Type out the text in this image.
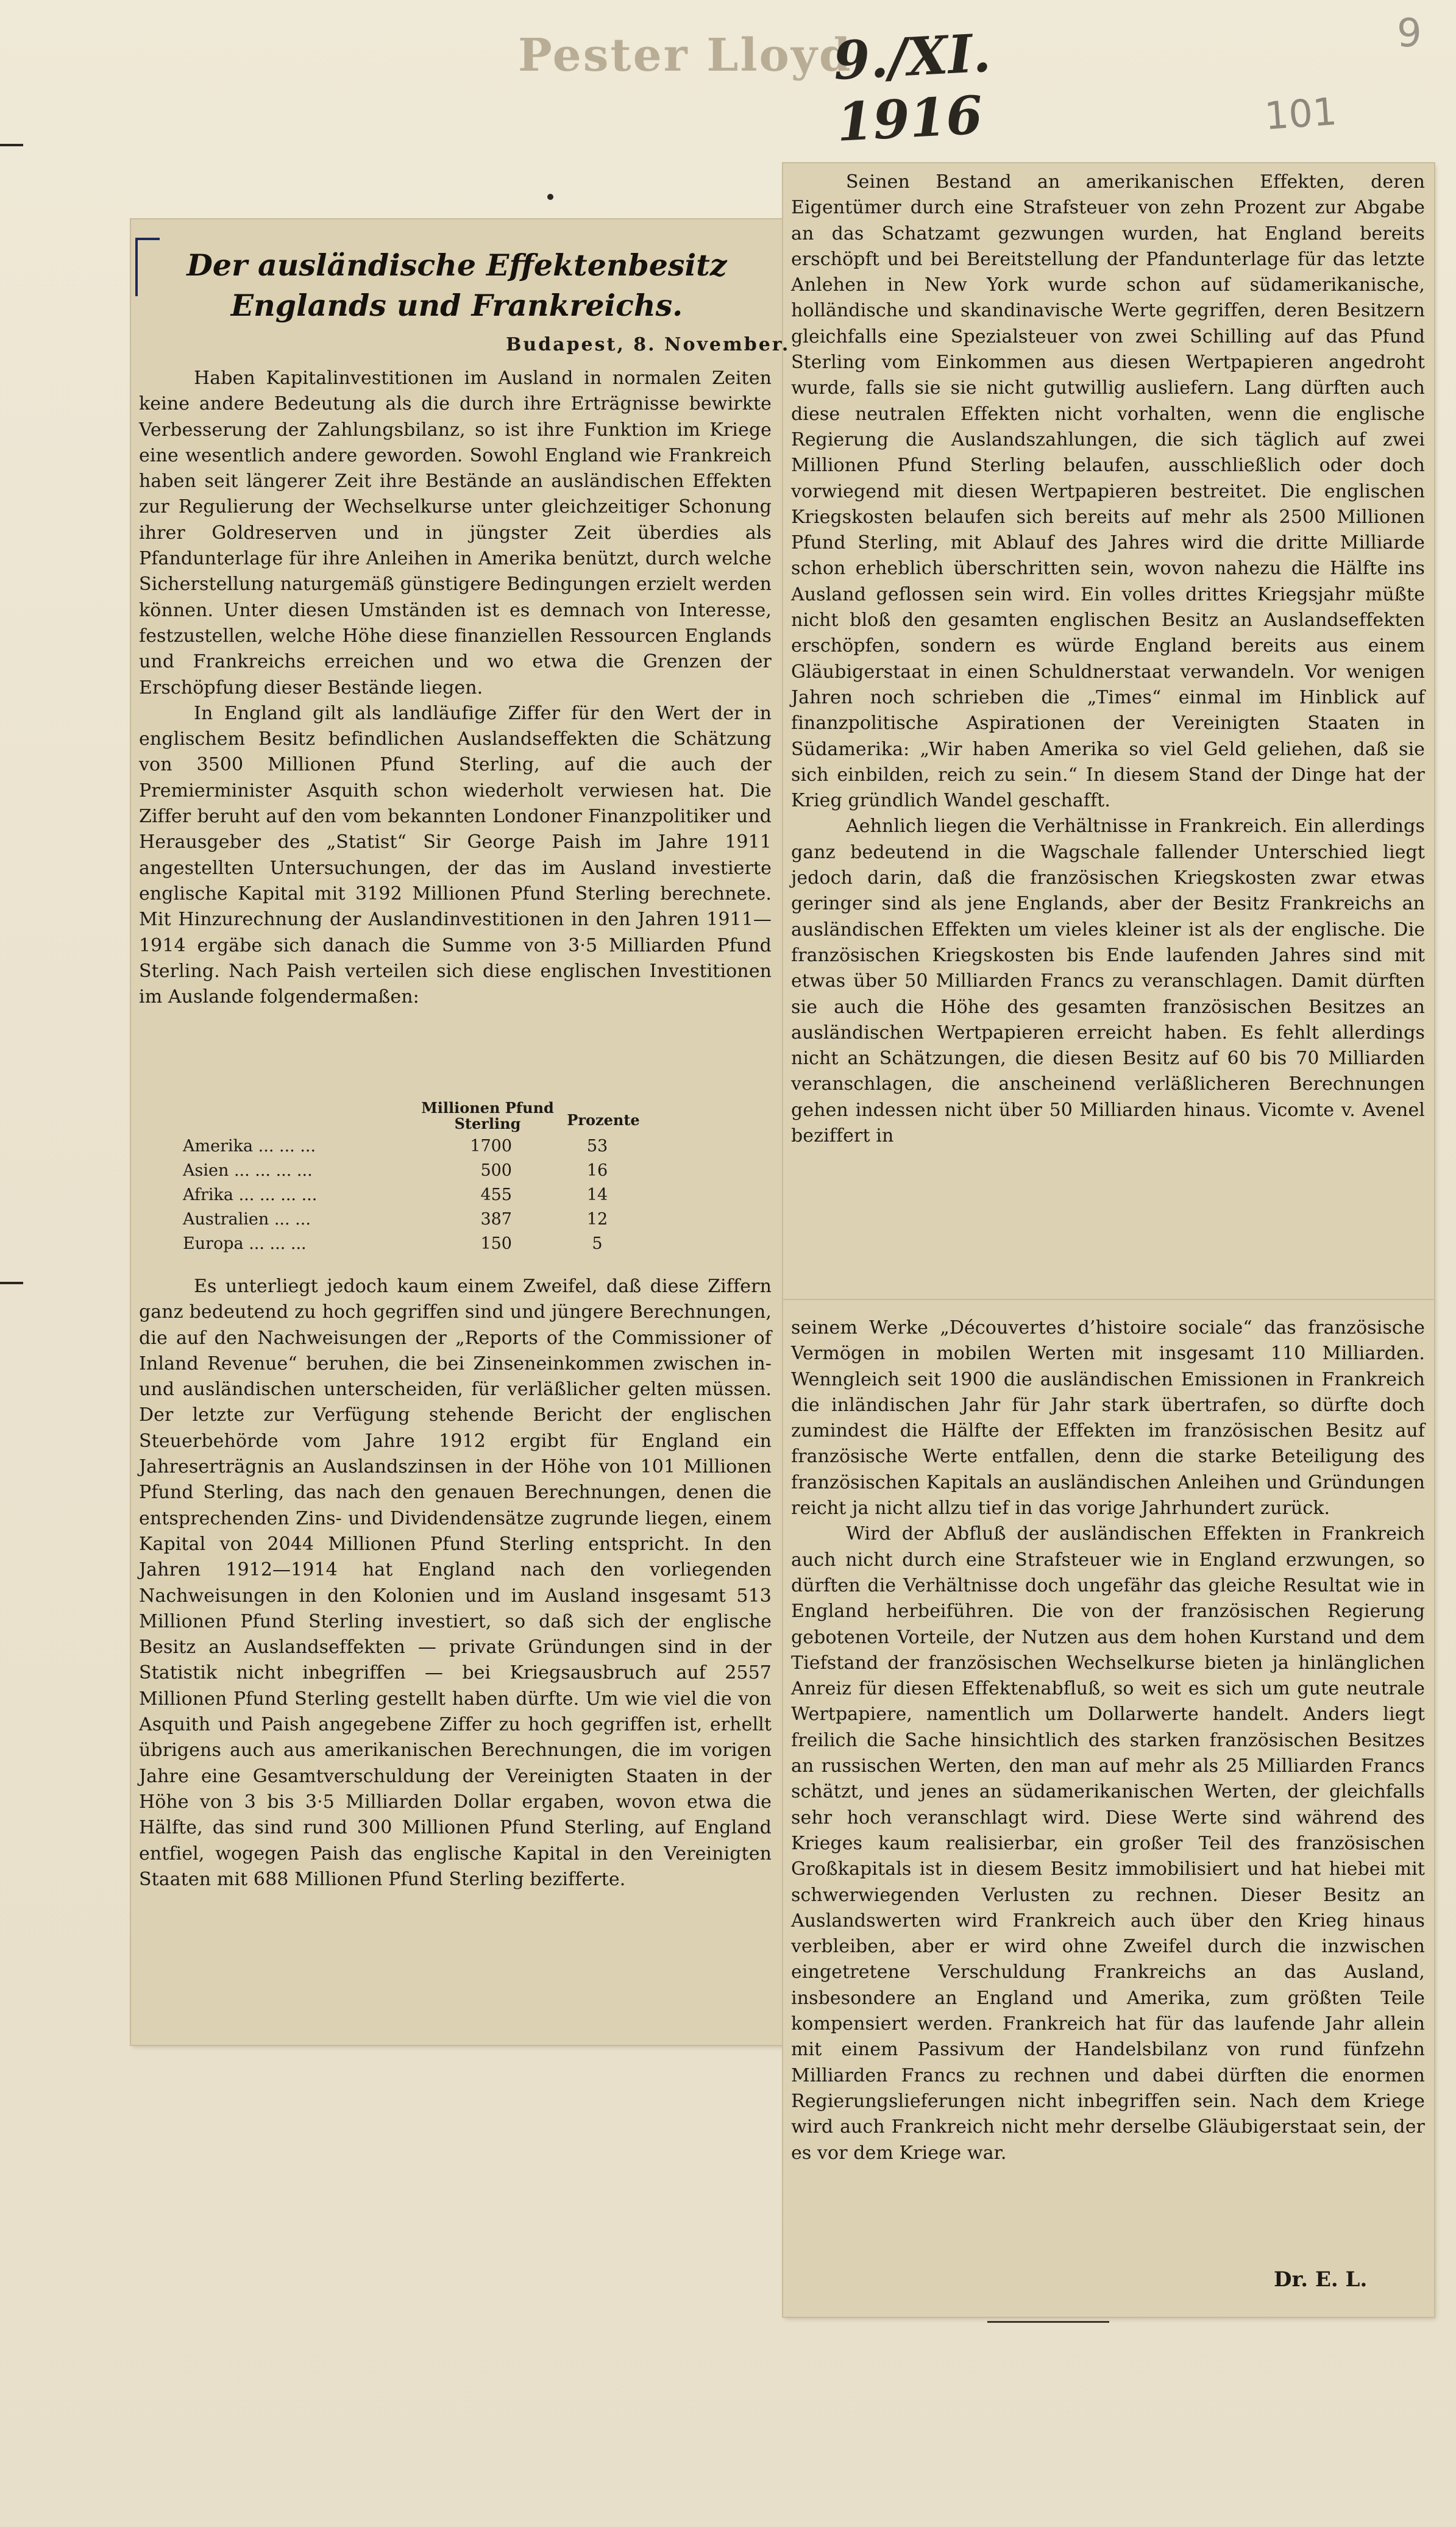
Pester Lloyd
9./XI. 1916
9
101
Der ausländische Effektenbesitz Englands und Frankreichs.
Budapest, 8. November.
Haben Kapitalinvestitionen im Ausland in normalen Zeiten keine andere Bedeutung als die durch ihre Erträgnisse bewirkte Verbesserung der Zahlungsbilanz, so ist ihre Funktion im Kriege eine wesentlich andere geworden. Sowohl England wie Frankreich haben seit längerer Zeit ihre Bestände an ausländischen Effekten zur Regulierung der Wechselkurse unter gleichzeitiger Schonung ihrer Goldreserven und in jüngster Zeit überdies als Pfandunterlage für ihre Anleihen in Amerika benützt, durch welche Sicherstellung naturgemäß günstigere Bedingungen erzielt werden können. Unter diesen Umständen ist es demnach von Interesse, festzustellen, welche Höhe diese finanziellen Ressourcen Englands und Frankreichs erreichen und wo etwa die Grenzen der Erschöpfung dieser Bestände liegen.
In England gilt als landläufige Ziffer für den Wert der in englischem Besitz befindlichen Auslandseffekten die Schätzung von 3500 Millionen Pfund Sterling, auf die auch der Premierminister Asquith schon wiederholt verwiesen hat. Die Ziffer beruht auf den vom bekannten Londoner Finanzpolitiker und Herausgeber des „Statist“ Sir George Paish im Jahre 1911 angestellten Untersuchungen, der das im Ausland investierte englische Kapital mit 3192 Millionen Pfund Sterling berechnete. Mit Hinzurechnung der Auslandinvestitionen in den Jahren 1911—1914 ergäbe sich danach die Summe von 3·5 Milliarden Pfund Sterling. Nach Paish verteilen sich diese englischen Investitionen im Auslande folgendermaßen:
Millionen Pfund Sterling	Prozente
Amerika ... ... ...	1700	53
Asien ... ... ... ...	500	16
Afrika ... ... ... ...	455	14
Australien ... ...	387	12
Europa ... ... ...	150	5
Es unterliegt jedoch kaum einem Zweifel, daß diese Ziffern ganz bedeutend zu hoch gegriffen sind und jüngere Berechnungen, die auf den Nachweisungen der „Reports of the Commissioner of Inland Revenue“ beruhen, die bei Zinseneinkommen zwischen in- und ausländischen unterscheiden, für verläßlicher gelten müssen. Der letzte zur Verfügung stehende Bericht der englischen Steuerbehörde vom Jahre 1912 ergibt für England ein Jahreserträgnis an Auslandszinsen in der Höhe von 101 Millionen Pfund Sterling, das nach den genauen Berechnungen, denen die entsprechenden Zins- und Dividendensätze zugrunde liegen, einem Kapital von 2044 Millionen Pfund Sterling entspricht. In den Jahren 1912—1914 hat England nach den vorliegenden Nachweisungen in den Kolonien und im Ausland insgesamt 513 Millionen Pfund Sterling investiert, so daß sich der englische Besitz an Auslandseffekten — private Gründungen sind in der Statistik nicht inbegriffen — bei Kriegsausbruch auf 2557 Millionen Pfund Sterling gestellt haben dürfte. Um wie viel die von Asquith und Paish angegebene Ziffer zu hoch gegriffen ist, erhellt übrigens auch aus amerikanischen Berechnungen, die im vorigen Jahre eine Gesamtverschuldung der Vereinigten Staaten in der Höhe von 3 bis 3·5 Milliarden Dollar ergaben, wovon etwa die Hälfte, das sind rund 300 Millionen Pfund Sterling, auf England entfiel, wogegen Paish das englische Kapital in den Vereinigten Staaten mit 688 Millionen Pfund Sterling bezifferte.
Seinen Bestand an amerikanischen Effekten, deren Eigentümer durch eine Strafsteuer von zehn Prozent zur Abgabe an das Schatzamt gezwungen wurden, hat England bereits erschöpft und bei Bereitstellung der Pfandunterlage für das letzte Anlehen in New York wurde schon auf südamerikanische, holländische und skandinavische Werte gegriffen, deren Besitzern gleichfalls eine Spezialsteuer von zwei Schilling auf das Pfund Sterling vom Einkommen aus diesen Wertpapieren angedroht wurde, falls sie sie nicht gutwillig ausliefern. Lang dürften auch diese neutralen Effekten nicht vorhalten, wenn die englische Regierung die Auslandszahlungen, die sich täglich auf zwei Millionen Pfund Sterling belaufen, ausschließlich oder doch vorwiegend mit diesen Wertpapieren bestreitet. Die englischen Kriegskosten belaufen sich bereits auf mehr als 2500 Millionen Pfund Sterling, mit Ablauf des Jahres wird die dritte Milliarde schon erheblich überschritten sein, wovon nahezu die Hälfte ins Ausland geflossen sein wird. Ein volles drittes Kriegsjahr müßte nicht bloß den gesamten englischen Besitz an Auslandseffekten erschöpfen, sondern es würde England bereits aus einem Gläubigerstaat in einen Schuldnerstaat verwandeln. Vor wenigen Jahren noch schrieben die „Times“ einmal im Hinblick auf finanzpolitische Aspirationen der Vereinigten Staaten in Südamerika: „Wir haben Amerika so viel Geld geliehen, daß sie sich einbilden, reich zu sein.“ In diesem Stand der Dinge hat der Krieg gründlich Wandel geschafft.
Aehnlich liegen die Verhältnisse in Frankreich. Ein allerdings ganz bedeutend in die Wagschale fallender Unterschied liegt jedoch darin, daß die französischen Kriegskosten zwar etwas geringer sind als jene Englands, aber der Besitz Frankreichs an ausländischen Effekten um vieles kleiner ist als der englische. Die französischen Kriegskosten bis Ende laufenden Jahres sind mit etwas über 50 Milliarden Francs zu veranschlagen. Damit dürften sie auch die Höhe des gesamten französischen Besitzes an ausländischen Wertpapieren erreicht haben. Es fehlt allerdings nicht an Schätzungen, die diesen Besitz auf 60 bis 70 Milliarden veranschlagen, die anscheinend verläßlicheren Berechnungen gehen indessen nicht über 50 Milliarden hinaus. Vicomte v. Avenel beziffert in
seinem Werke „Découvertes d’histoire sociale“ das französische Vermögen in mobilen Werten mit insgesamt 110 Milliarden. Wenngleich seit 1900 die ausländischen Emissionen in Frankreich die inländischen Jahr für Jahr stark übertrafen, so dürfte doch zumindest die Hälfte der Effekten im französischen Besitz auf französische Werte entfallen, denn die starke Beteiligung des französischen Kapitals an ausländischen Anleihen und Gründungen reicht ja nicht allzu tief in das vorige Jahrhundert zurück.
Wird der Abfluß der ausländischen Effekten in Frankreich auch nicht durch eine Strafsteuer wie in England erzwungen, so dürften die Verhältnisse doch ungefähr das gleiche Resultat wie in England herbeiführen. Die von der französischen Regierung gebotenen Vorteile, der Nutzen aus dem hohen Kurstand und dem Tiefstand der französischen Wechselkurse bieten ja hinlänglichen Anreiz für diesen Effektenabfluß, so weit es sich um gute neutrale Wertpapiere, namentlich um Dollarwerte handelt. Anders liegt freilich die Sache hinsichtlich des starken französischen Besitzes an russischen Werten, den man auf mehr als 25 Milliarden Francs schätzt, und jenes an südamerikanischen Werten, der gleichfalls sehr hoch veranschlagt wird. Diese Werte sind während des Krieges kaum realisierbar, ein großer Teil des französischen Großkapitals ist in diesem Besitz immobilisiert und hat hiebei mit schwerwiegenden Verlusten zu rechnen. Dieser Besitz an Auslandswerten wird Frankreich auch über den Krieg hinaus verbleiben, aber er wird ohne Zweifel durch die inzwischen eingetretene Verschuldung Frankreichs an das Ausland, insbesondere an England und Amerika, zum größten Teile kompensiert werden. Frankreich hat für das laufende Jahr allein mit einem Passivum der Handelsbilanz von rund fünfzehn Milliarden Francs zu rechnen und dabei dürften die enormen Regierungslieferungen nicht inbegriffen sein. Nach dem Kriege wird auch Frankreich nicht mehr derselbe Gläubigerstaat sein, der es vor dem Kriege war.
Dr. E. L.
